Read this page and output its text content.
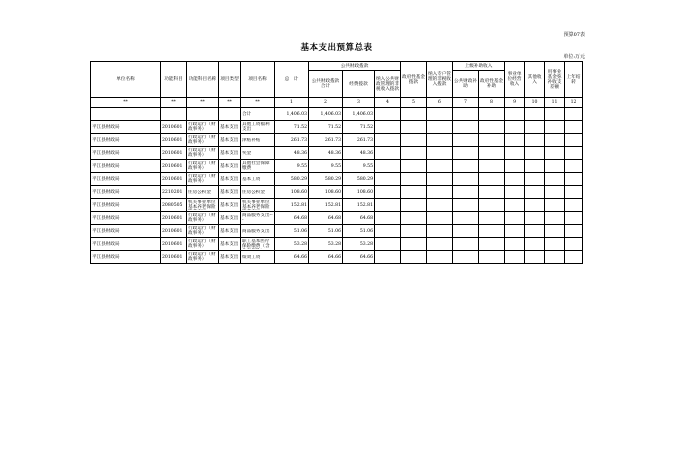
预算07表
基本支出预算总表
单位:万元
单位名称	功能科目	功能科目名称	项目类型	项目名称	总　计	公共财政拨款			政府性基金拨款	纳入专户管理的非税收入拨款	上级补助收入		事业单位经营收入	其他收入	用事业基金弥补收支差额	上年结转
						公共财政拨款合计	经费拨款	纳入公共财政管理的非税收入拨款			公共财政补助	政府性基金补助				
**	**	**	**	**	1	2	3	4	5	6	7	8	9	10	11	12
				合计	1,406.03	1,406.03	1,406.03									
平江县财政局	2010601	行政运行（财政事务）	基本支出	其他工资福利支出	71.52	71.52	71.52									
平江县财政局	2010601	行政运行（财政事务）	基本支出	津贴补贴	261.73	261.73	261.73									
平江县财政局	2010601	行政运行（财政事务）	基本支出	奖金	48.36	48.36	48.36									
平江县财政局	2010601	行政运行（财政事务）	基本支出	其他社会保障缴费	9.55	9.55	9.55									
平江县财政局	2010601	行政运行（财政事务）	基本支出	基本工资	580.29	580.29	580.29									
平江县财政局	2210201	住房公积金	基本支出	住房公积金	108.60	108.60	108.60									
平江县财政局	2080505	机关事业单位基本养老保险	基本支出	机关事业单位基本养老保险	152.81	152.81	152.81									
平江县财政局	2010601	行政运行（财政事务）	基本支出	商品服务支出---	64.68	64.68	64.68									
平江县财政局	2010601	行政运行（财政事务）	基本支出	商品服务支出	51.06	51.06	51.06									
平江县财政局	2010601	行政运行（财政事务）	基本支出	职工基本医疗保险缴费（含	53.28	53.28	53.28									
平江县财政局	2010601	行政运行（财政事务）	基本支出	绩效工资	64.66	64.66	64.66									
